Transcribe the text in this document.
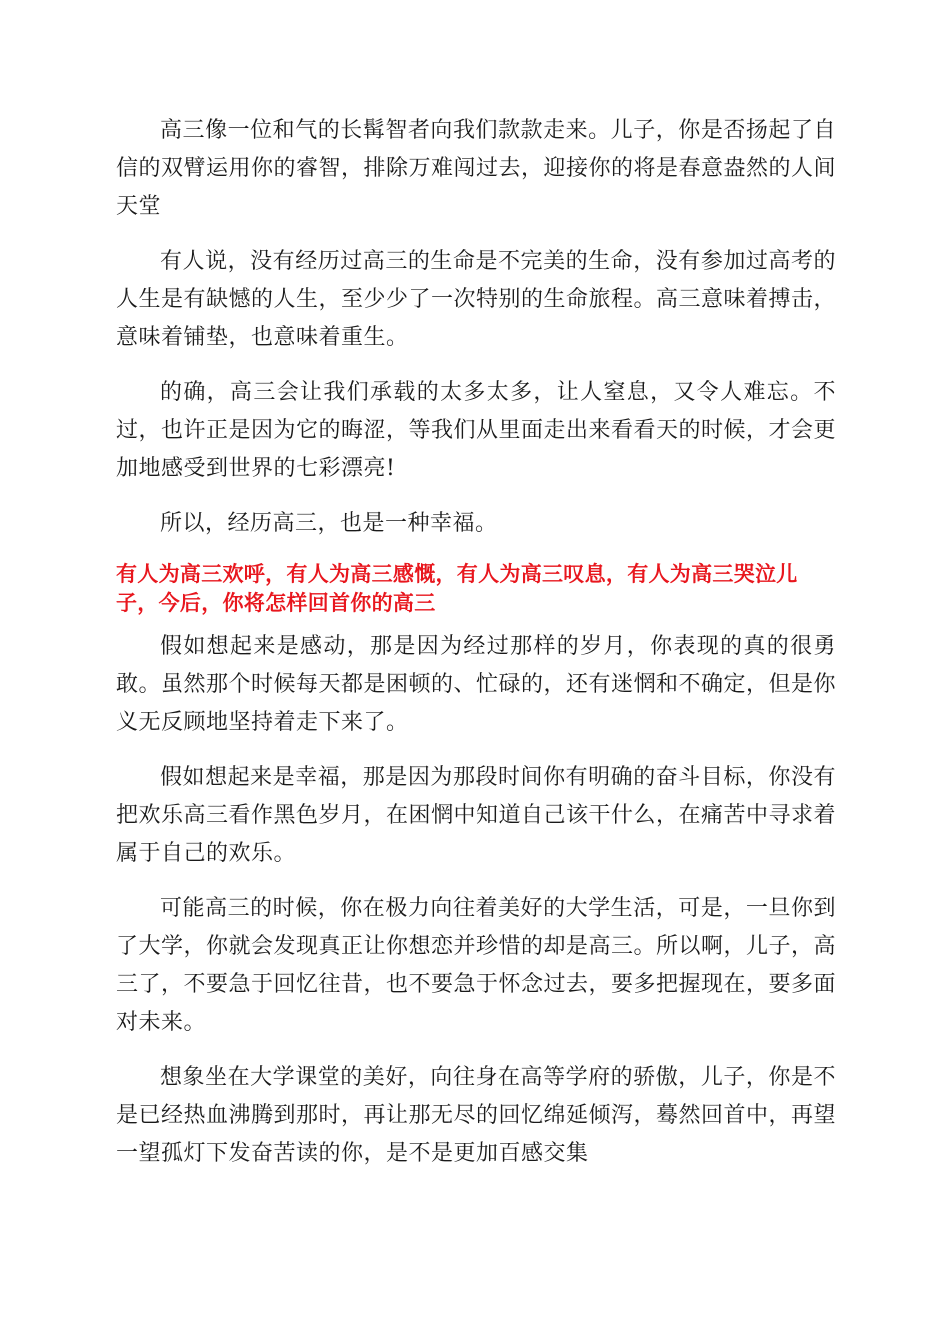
高三像一位和气的长髯智者向我们款款走来。儿子，你是否扬起了自信的双臂运用你的睿智，排除万难闯过去，迎接你的将是春意盎然的人间天堂

有人说，没有经历过高三的生命是不完美的生命，没有参加过高考的人生是有缺憾的人生，至少少了一次特别的生命旅程。高三意味着搏击，意味着铺垫，也意味着重生。

的确，高三会让我们承载的太多太多，让人窒息，又令人难忘。不过，也许正是因为它的晦涩，等我们从里面走出来看看天的时候，才会更加地感受到世界的七彩漂亮!

所以，经历高三，也是一种幸福。

有人为高三欢呼，有人为高三感慨，有人为高三叹息，有人为高三哭泣儿子，今后，你将怎样回首你的高三

假如想起来是感动，那是因为经过那样的岁月，你表现的真的很勇敢。虽然那个时候每天都是困顿的、忙碌的，还有迷惘和不确定，但是你义无反顾地坚持着走下来了。

假如想起来是幸福，那是因为那段时间你有明确的奋斗目标，你没有把欢乐高三看作黑色岁月，在困惘中知道自己该干什么，在痛苦中寻求着属于自己的欢乐。

可能高三的时候，你在极力向往着美好的大学生活，可是，一旦你到了大学，你就会发现真正让你想恋并珍惜的却是高三。所以啊，儿子，高三了，不要急于回忆往昔，也不要急于怀念过去，要多把握现在，要多面对未来。

想象坐在大学课堂的美好，向往身在高等学府的骄傲，儿子，你是不是已经热血沸腾到那时，再让那无尽的回忆绵延倾泻，蓦然回首中，再望一望孤灯下发奋苦读的你，是不是更加百感交集
